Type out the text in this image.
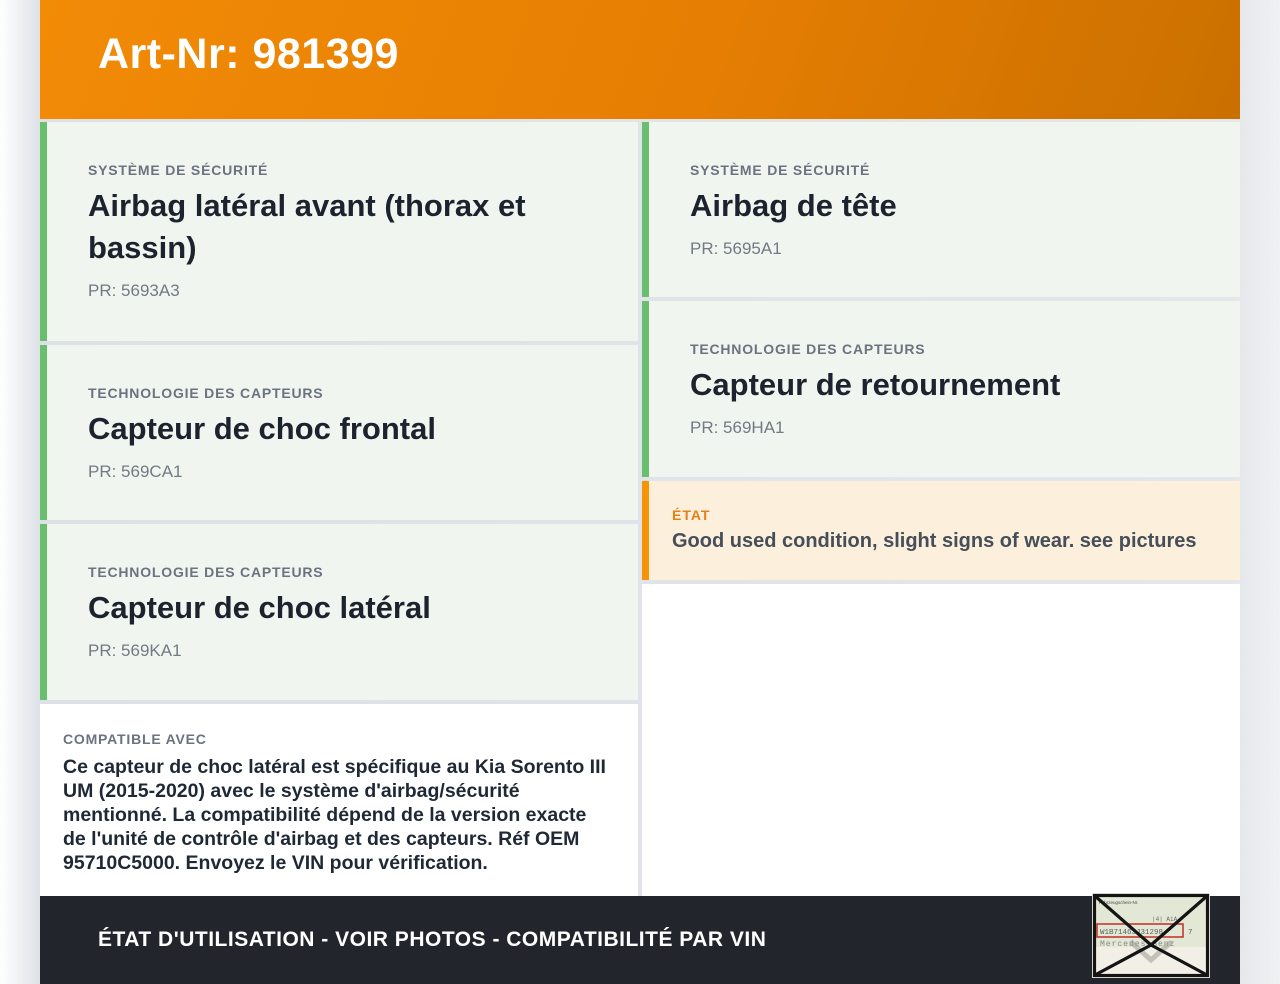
Art-Nr: 981399
SYSTÈME DE SÉCURITÉ
Airbag latéral avant (thorax et bassin)
PR: 5693A3
TECHNOLOGIE DES CAPTEURS
Capteur de choc frontal
PR: 569CA1
TECHNOLOGIE DES CAPTEURS
Capteur de choc latéral
PR: 569KA1
COMPATIBLE AVEC
Ce capteur de choc latéral est spécifique au Kia Sorento III UM (2015-2020) avec le système d'airbag/sécurité mentionné. La compatibilité dépend de la version exacte de l'unité de contrôle d'airbag et des capteurs. Réf OEM 95710C5000. Envoyez le VIN pour vérification.
SYSTÈME DE SÉCURITÉ
Airbag de tête
PR: 5695A1
TECHNOLOGIE DES CAPTEURS
Capteur de retournement
PR: 569HA1
ÉTAT
Good used condition, slight signs of wear. see pictures
ÉTAT D'UTILISATION - VOIR PHOTOS - COMPATIBILITÉ PAR VIN
Fahrzeugschein-Nr.
|4| AiA
W1B71463J31298	7
Mercedes-Benz
